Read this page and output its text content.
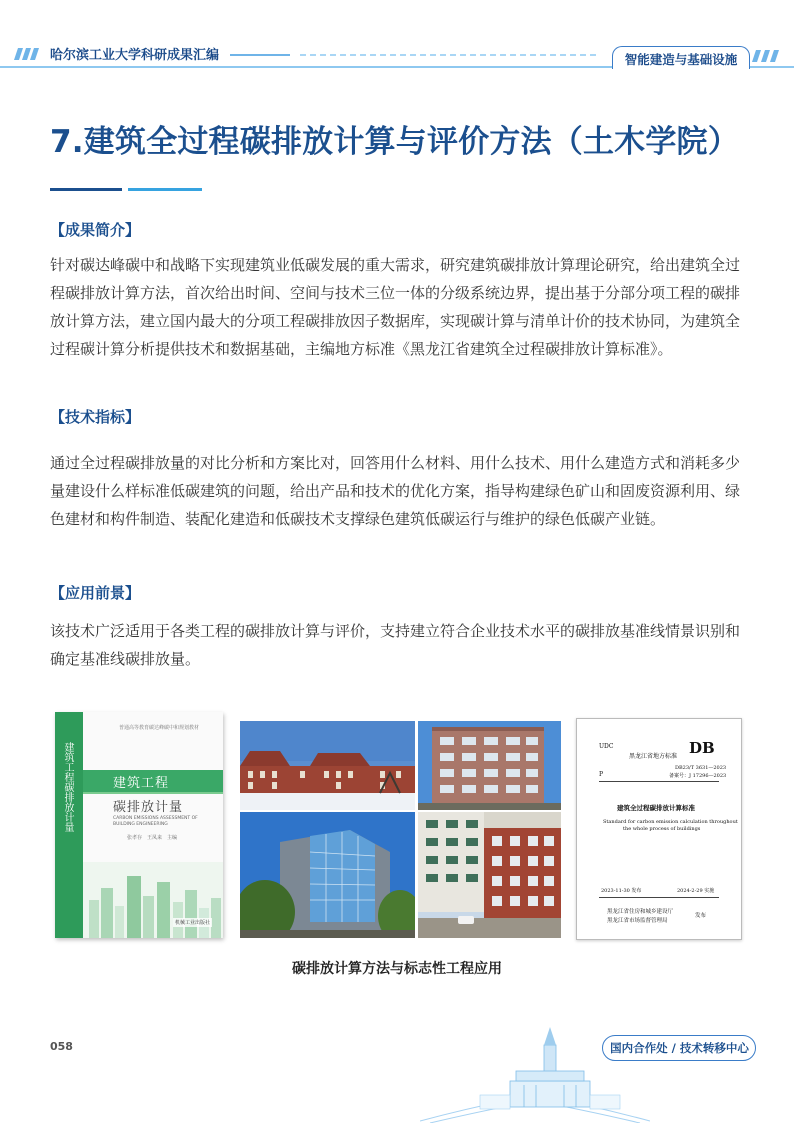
哈尔滨工业大学科研成果汇编	智能建造与基础设施
7.建筑全过程碳排放计算与评价方法（土木学院）
【成果简介】

针对碳达峰碳中和战略下实现建筑业低碳发展的重大需求，研究建筑碳排放计算理论研究，给出建筑全过程碳排放计算方法，首次给出时间、空间与技术三位一体的分级系统边界，提出基于分部分项工程的碳排放计算方法，建立国内最大的分项工程碳排放因子数据库，实现碳计算与清单计价的技术协同，为建筑全过程碳计算分析提供技术和数据基础，主编地方标准《黑龙江省建筑全过程碳排放计算标准》。

【技术指标】

通过全过程碳排放量的对比分析和方案比对，回答用什么材料、用什么技术、用什么建造方式和消耗多少量建设什么样标准低碳建筑的问题，给出产品和技术的优化方案，指导构建绿色矿山和固废资源利用、绿色建材和构件制造、装配化建造和低碳技术支撑绿色建筑低碳运行与维护的绿色低碳产业链。

【应用前景】

该技术广泛适用于各类工程的碳排放计算与评价，支持建立符合企业技术水平的碳排放基准线情景识别和确定基准线碳排放量。

建筑工程碳排放计量
普通高等教育碳达峰碳中和规划教材
建筑工程
碳排放计量
CARBON EMISSIONS ASSESSMENT OF BUILDING ENGINEERING
张孝存　王凤来　主编
机械工业出版社
UDC	DB
黑龙江省地方标准
P
DB23/T 3631—2023
备案号：J 17296—2023
建筑全过程碳排放计算标准
Standard for carbon emission calculation throughout
the whole process of buildings
2023-11-30 发布	2024-2-29 实施
黑龙江省住房和城乡建设厅
黑龙江省市场监督管理局
发布
碳排放计算方法与标志性工程应用
058	国内合作处 / 技术转移中心
